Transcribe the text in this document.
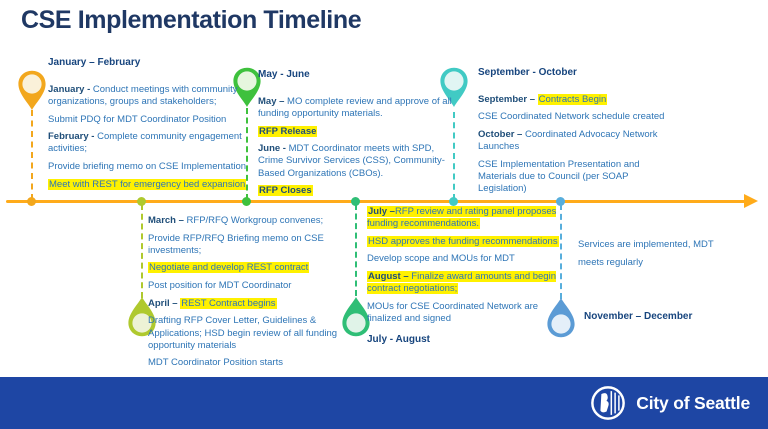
CSE Implementation Timeline
January – February

January - Conduct meetings with community organizations, groups and stakeholders;

Submit PDQ for MDT Coordinator Position

February - Complete community engagement activities;

Provide briefing memo on CSE Implementation

Meet with REST for emergency bed expansion

May - June

May – MO complete review and approve of all funding opportunity materials.

RFP Release

June - MDT Coordinator meets with SPD, Crime Survivor Services (CSS), Community-Based Organizations (CBOs).

RFP Closes

September - October

September – Contracts Begin

CSE Coordinated Network schedule created

October – Coordinated Advocacy Network Launches

CSE Implementation Presentation and Materials due to Council (per SOAP Legislation)

March – RFP/RFQ Workgroup convenes;

Provide RFP/RFQ Briefing memo on CSE investments;

Negotiate and develop REST contract

Post position for MDT Coordinator

April – REST Contract begins

Drafting RFP Cover Letter, Guidelines & Applications; HSD begin review of all funding opportunity materials

MDT Coordinator Position starts

July –RFP review and rating panel proposes funding recommendations.

HSD approves the funding recommendations

Develop scope and MOUs for MDT

August – Finalize award amounts and begin contract negotiations;

MOUs for CSE Coordinated Network are finalized and signed

July - August

Services are implemented, MDT meets regularly

November – December
City of Seattle
